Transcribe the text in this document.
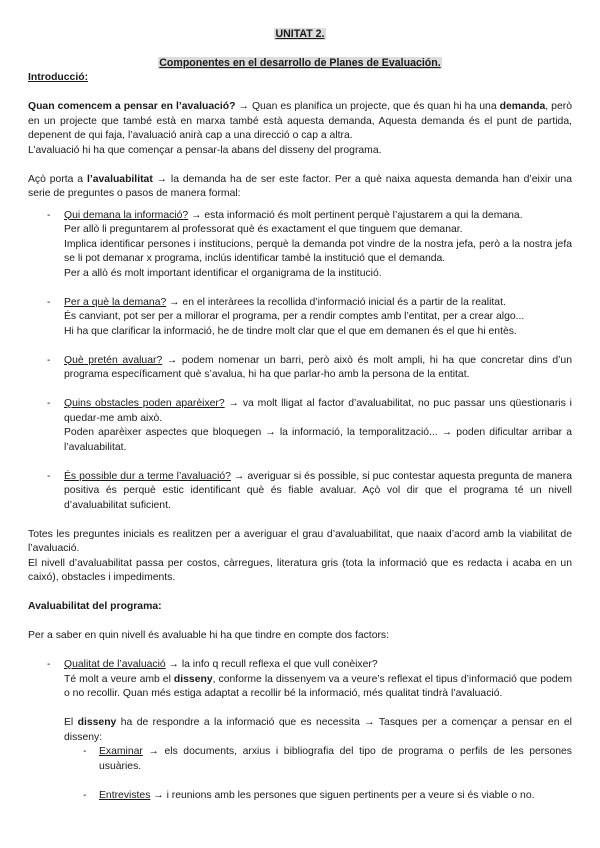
UNITAT 2.
Componentes en el desarrollo de Planes de Evaluación.
Introducció:

Quan comencem a pensar en l’avaluació? → Quan es planifica un projecte, que és quan hi ha una demanda, però en un projecte que també està en marxa també està aquesta demanda, Aquesta demanda és el punt de partida, depenent de qui faja, l’avaluació anirà cap a una direcció o cap a altra.

L’avaluació hi ha que començar a pensar-la abans del disseny del programa.

Açò porta a l’avaluabilitat → la demanda ha de ser este factor. Per a què naixa aquesta demanda han d’eixir una serie de preguntes o pasos de manera formal:

- Qui demana la informació? → esta informació és molt pertinent perquè l’ajustarem a qui la demana.
Per allò li preguntarem al professorat què és exactament el que tinguem que demanar.
Implica identificar persones i institucions, perquè la demanda pot vindre de la nostra jefa, però a la nostra jefa se li pot demanar x programa, inclús identificar també la institució que el demanda.
Per a allò és molt important identificar el organigrama de la institució.
- Per a què la demana? → en el interàrees la recollida d’informació inicial és a partir de la realitat.
És canviant, pot ser per a millorar el programa, per a rendir comptes amb l’entitat, per a crear algo...
Hi ha que clarificar la informació, he de tindre molt clar que el que em demanen és el que hi entès.
- Què pretén avaluar? → podem nomenar un barri, però això és molt ampli, hi ha que concretar dins d’un programa específicament què s’avalua, hi ha que parlar-ho amb la persona de la entitat.
- Quins obstacles poden aparèixer? → va molt lligat al factor d’avaluabilitat, no puc passar uns qüestionaris i quedar-me amb això.
Poden aparèixer aspectes que bloquegen → la informació, la temporalització... → poden dificultar arribar a l’avaluabilitat.
- És possible dur a terme l’avaluació? → averiguar si és possible, si puc contestar aquesta pregunta de manera positiva és perquè estic identificant què és fiable avaluar. Açò vol dir que el programa té un nivell d’avaluabilitat suficient.

Totes les preguntes inicials es realitzen per a averiguar el grau d’avaluabilitat, que naaix d’acord amb la viabilitat de l’avaluació.

El nivell d’avaluabilitat passa per costos, càrregues, literatura gris (tota la informació que es redacta i acaba en un caixó), obstacles i impediments.

Avaluabilitat del programa:

Per a saber en quin nivell és avaluable hi ha que tindre en compte dos factors:

- Qualitat de l’avaluació → la info q recull reflexa el que vull conèixer?
Té molt a veure amb el disseny, conforme la dissenyem va a veure’s reflexat el tipus d’informació que podem o no recollir. Quan més estiga adaptat a recollir bé la informació, més qualitat tindrà l’avaluació.
El disseny ha de respondre a la informació que es necessita → Tasques per a començar a pensar en el disseny:
- Examinar → els documents, arxius i bibliografia del tipo de programa o perfils de les persones usuàries.
- Entrevistes → i reunions amb les persones que siguen pertinents per a veure si és viable o no.
